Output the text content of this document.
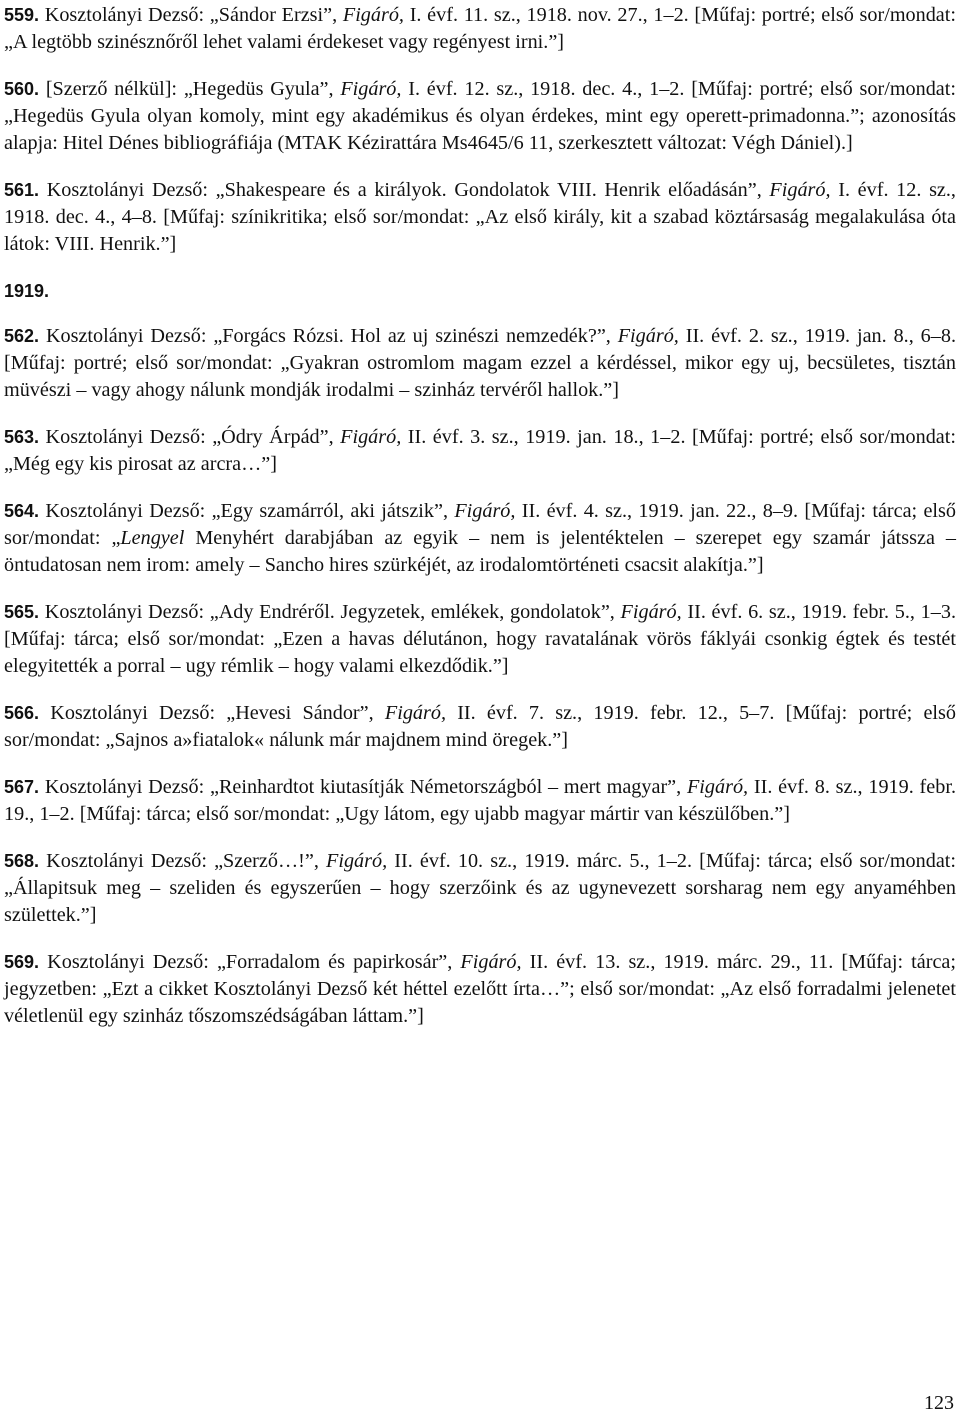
559. Kosztolányi Dezső: „Sándor Erzsi”, Figáró, I. évf. 11. sz., 1918. nov. 27., 1–2. [Műfaj: portré; első sor/mondat: „A legtöbb szinésznőről lehet valami érdekeset vagy regényest irni.”]

560. [Szerző nélkül]: „Hegedüs Gyula”, Figáró, I. évf. 12. sz., 1918. dec. 4., 1–2. [Műfaj: portré; első sor/mondat: „Hegedüs Gyula olyan komoly, mint egy akadémikus és olyan érdekes, mint egy operett-primadonna.”; azonosítás alapja: Hitel Dénes bibliográfiája (MTAK Kézirattára Ms4645/6 11, szerkesztett változat: Végh Dániel).]

561. Kosztolányi Dezső: „Shakespeare és a királyok. Gondolatok VIII. Henrik előadásán”, Figáró, I. évf. 12. sz., 1918. dec. 4., 4–8. [Műfaj: színikritika; első sor/mondat: „Az első király, kit a szabad köztársaság megalakulása óta látok: VIII. Henrik.”]

1919.

562. Kosztolányi Dezső: „Forgács Rózsi. Hol az uj szinészi nemzedék?”, Figáró, II. évf. 2. sz., 1919. jan. 8., 6–8. [Műfaj: portré; első sor/mondat: „Gyakran ostromlom magam ezzel a kérdéssel, mikor egy uj, becsületes, tisztán müvészi – vagy ahogy nálunk mondják irodalmi – szinház tervéről hallok.”]

563. Kosztolányi Dezső: „Ódry Árpád”, Figáró, II. évf. 3. sz., 1919. jan. 18., 1–2. [Műfaj: portré; első sor/mondat: „Még egy kis pirosat az arcra…”]

564. Kosztolányi Dezső: „Egy szamárról, aki játszik”, Figáró, II. évf. 4. sz., 1919. jan. 22., 8–9. [Műfaj: tárca; első sor/mondat: „Lengyel Menyhért darabjában az egyik – nem is jelentéktelen – szerepet egy szamár játssza – öntudatosan nem irom: amely – Sancho hires szürkéjét, az irodalomtörténeti csacsit alakítja.”]

565. Kosztolányi Dezső: „Ady Endréről. Jegyzetek, emlékek, gondolatok”, Figáró, II. évf. 6. sz., 1919. febr. 5., 1–3. [Műfaj: tárca; első sor/mondat: „Ezen a havas délutánon, hogy ravatalának vörös fáklyái csonkig égtek és testét elegyitették a porral – ugy rémlik – hogy valami elkezdődik.”]

566. Kosztolányi Dezső: „Hevesi Sándor”, Figáró, II. évf. 7. sz., 1919. febr. 12., 5–7. [Műfaj: portré; első sor/mondat: „Sajnos a»fiatalok« nálunk már majdnem mind öregek.”]

567. Kosztolányi Dezső: „Reinhardtot kiutasítják Németországból – mert magyar”, Figáró, II. évf. 8. sz., 1919. febr. 19., 1–2. [Műfaj: tárca; első sor/mondat: „Ugy látom, egy ujabb magyar mártir van készülőben.”]

568. Kosztolányi Dezső: „Szerző…!”, Figáró, II. évf. 10. sz., 1919. márc. 5., 1–2. [Műfaj: tárca; első sor/mondat: „Állapitsuk meg – szeliden és egyszerűen – hogy szerzőink és az ugynevezett sorsharag nem egy anyaméhben születtek.”]

569. Kosztolányi Dezső: „Forradalom és papirkosár”, Figáró, II. évf. 13. sz., 1919. márc. 29., 11. [Műfaj: tárca; jegyzetben: „Ezt a cikket Kosztolányi Dezső két héttel ezelőtt írta…”; első sor/mondat: „Az első forradalmi jelenetet véletlenül egy szinház tőszomszédságában láttam.”]

123
